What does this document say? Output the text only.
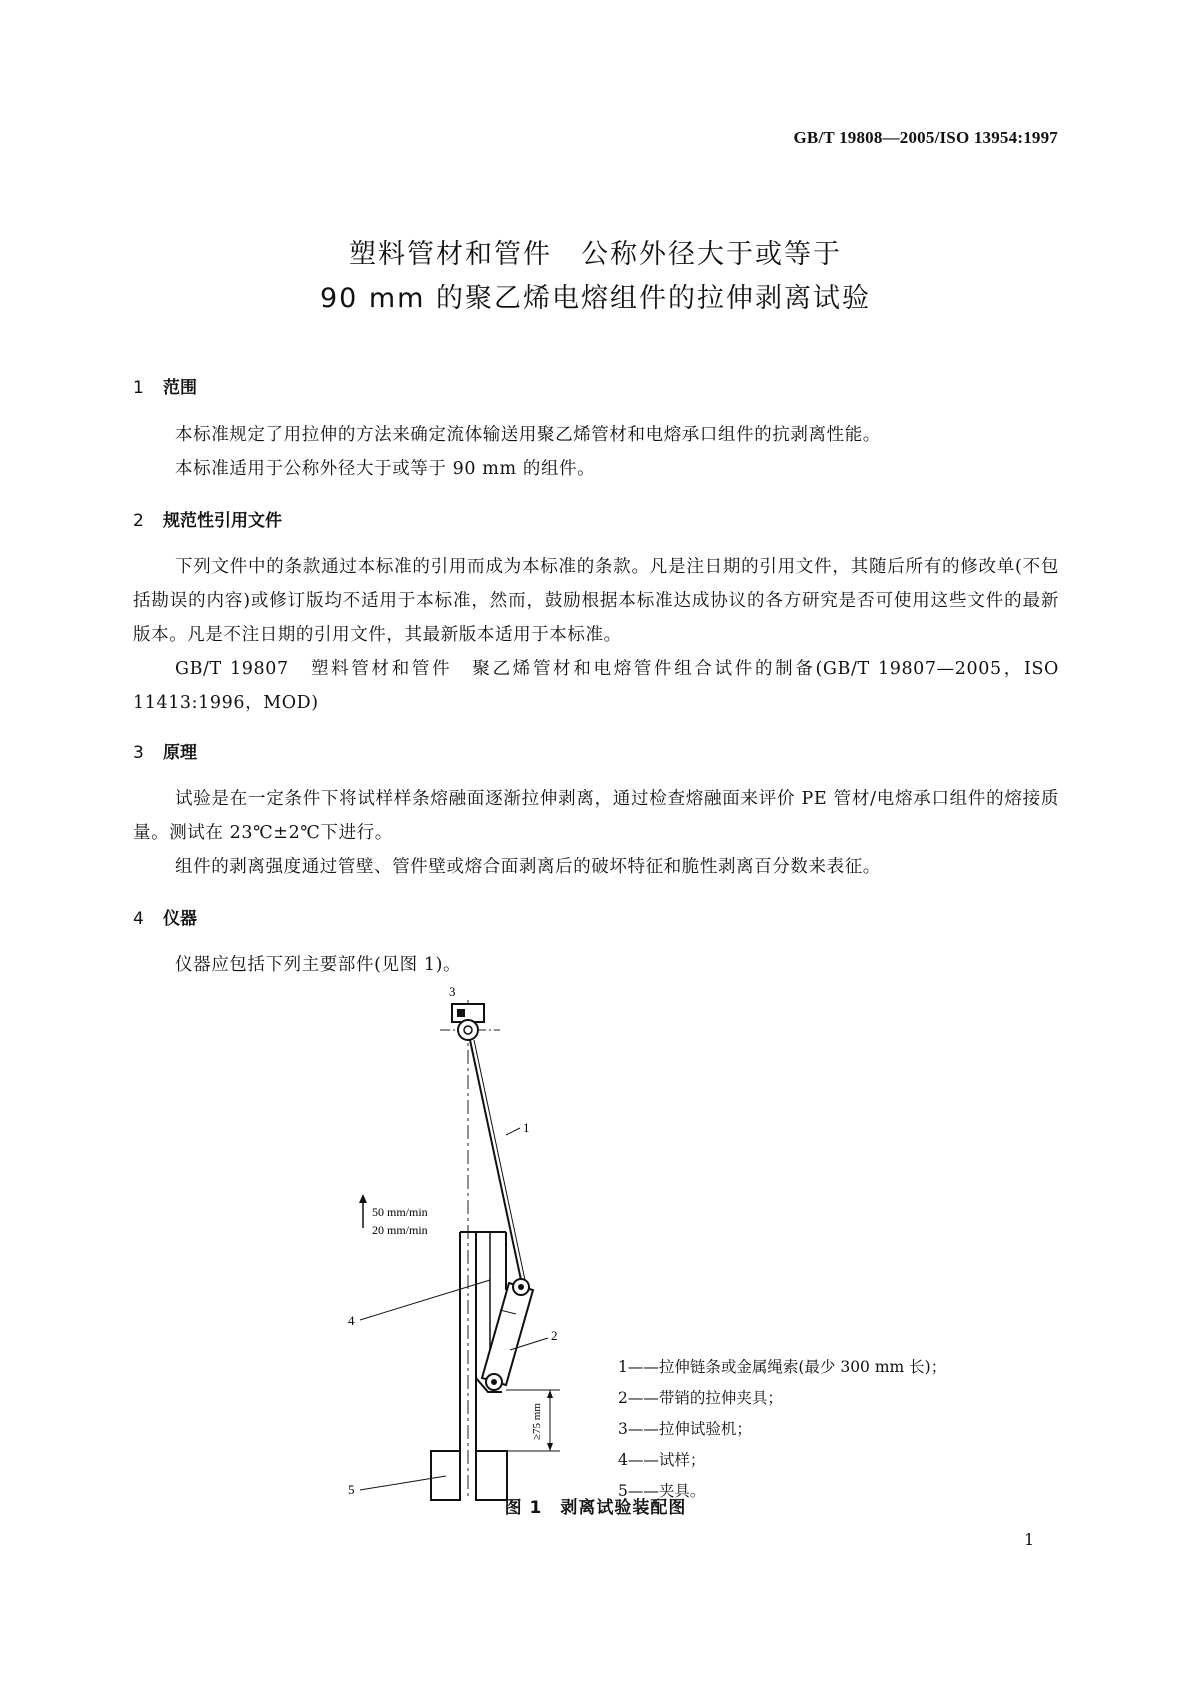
GB/T 19808—2005/ISO 13954:1997
塑料管材和管件　公称外径大于或等于
90 mm 的聚乙烯电熔组件的拉伸剥离试验
1 范围
本标准规定了用拉伸的方法来确定流体输送用聚乙烯管材和电熔承口组件的抗剥离性能。
本标准适用于公称外径大于或等于 90 mm 的组件。
2 规范性引用文件
下列文件中的条款通过本标准的引用而成为本标准的条款。凡是注日期的引用文件，其随后所有的修改单(不包括勘误的内容)或修订版均不适用于本标准，然而，鼓励根据本标准达成协议的各方研究是否可使用这些文件的最新版本。凡是不注日期的引用文件，其最新版本适用于本标准。
GB/T 19807　塑料管材和管件　聚乙烯管材和电熔管件组合试件的制备(GB/T 19807—2005，ISO 11413:1996，MOD)
3 原理
试验是在一定条件下将试样样条熔融面逐渐拉伸剥离，通过检查熔融面来评价 PE 管材/电熔承口组件的熔接质量。测试在 23℃±2℃下进行。
组件的剥离强度通过管壁、管件壁或熔合面剥离后的破坏特征和脆性剥离百分数来表征。
4 仪器
仪器应包括下列主要部件(见图 1)。
≥75 mm
50 mm/min
20 mm/min
3
1
4
2
5
1——拉伸链条或金属绳索(最少 300 mm 长)；
2——带销的拉伸夹具；
3——拉伸试验机；
4——试样；
5——夹具。
图 1　剥离试验装配图
1
